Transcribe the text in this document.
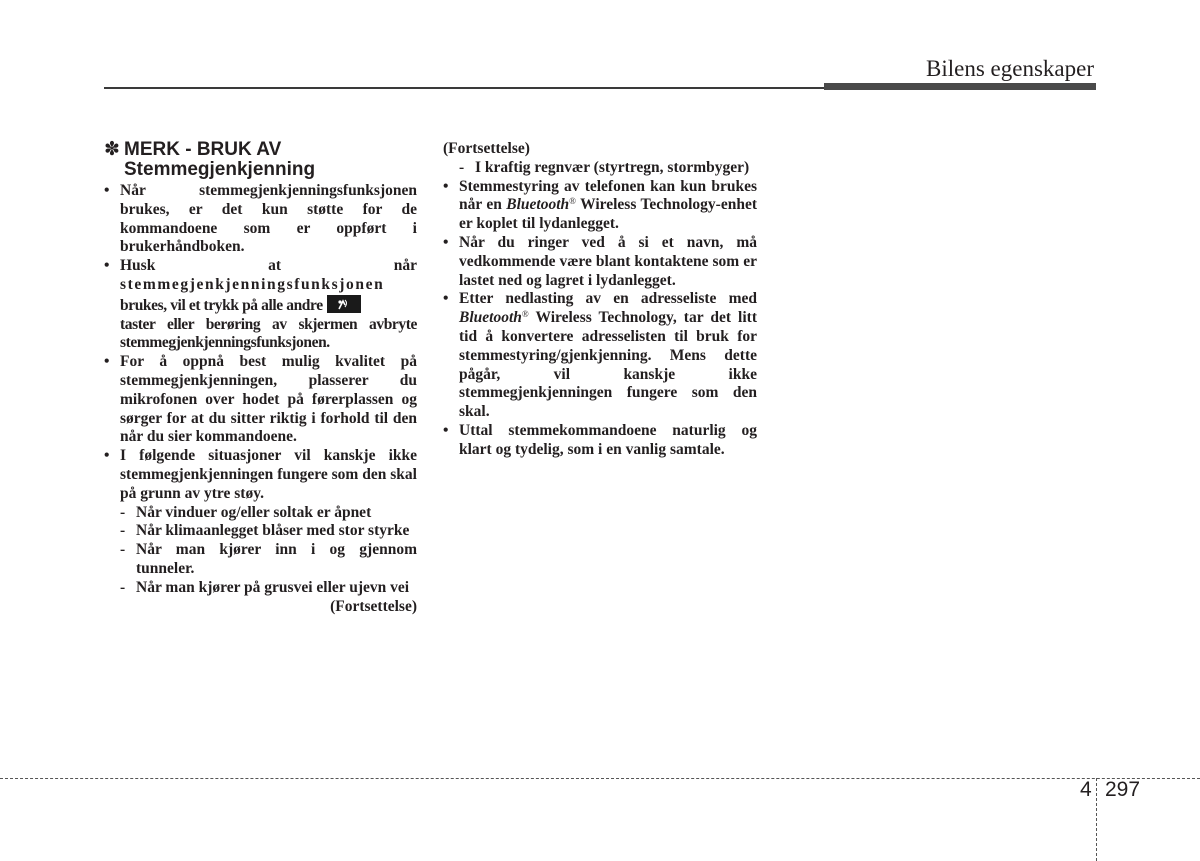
Bilens egenskaper
✽ MERK - BRUK AV
Stemmegjenkjenning
• Når stemmegjenkjenningsfunksjonen brukes, er det kun støtte for de kommandoene som er oppført i brukerhåndboken.
• Husk	at	når
stemmegjenkjenningsfunksjonen
brukes, vil et trykk på alle andre
taster eller berøring av skjermen avbryte stemmegjenkjenningsfunksjonen.
• For å oppnå best mulig kvalitet på stemmegjenkjenningen, plasserer du mikrofonen over hodet på førerplassen og sørger for at du sitter riktig i forhold til den når du sier kommandoene.
• I følgende situasjoner vil kanskje ikke stemmegjenkjenningen fungere som den skal på grunn av ytre støy.
- Når vinduer og/eller soltak er åpnet
- Når klimaanlegget blåser med stor styrke
- Når man kjører inn i og gjennom tunneler.
- Når man kjører på grusvei eller ujevn vei
(Fortsettelse)
(Fortsettelse)
- I kraftig regnvær (styrtregn, stormbyger)
• Stemmestyring av telefonen kan kun brukes når en Bluetooth® Wireless Technology-enhet er koplet til lydanlegget.
• Når du ringer ved å si et navn, må vedkommende være blant kontaktene som er lastet ned og lagret i lydanlegget.
• Etter nedlasting av en adresseliste med Bluetooth® Wireless Technology, tar det litt tid å konvertere adresselisten til bruk for stemmestyring/gjenkjenning. Mens dette pågår, vil kanskje ikke stemmegjenkjenningen fungere som den skal.
• Uttal stemmekommandoene naturlig og klart og tydelig, som i en vanlig samtale.
4 297
